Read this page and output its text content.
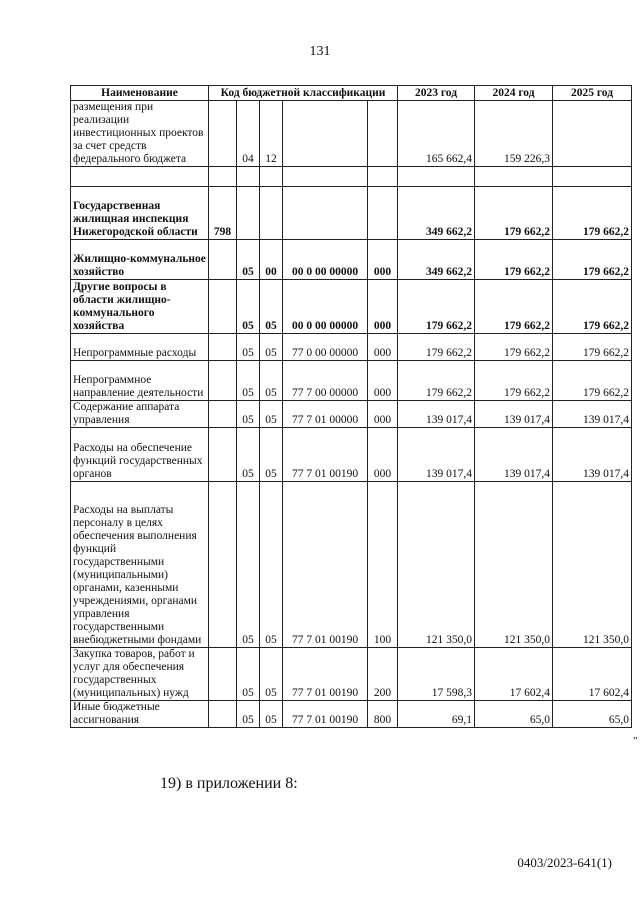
131
Наименование	Код бюджетной классификации					2023 год	2024 год	2025 год
размещения при реализации инвестиционных проектов за счет средств федерального бюджета		04	12			165 662,4	159 226,3	

Государственная жилищная инспекция Нижегородской области	798					349 662,2	179 662,2	179 662,2
Жилищно-коммунальное хозяйство		05	00	00 0 00 00000	000	349 662,2	179 662,2	179 662,2
Другие вопросы в области жилищно-коммунального хозяйства		05	05	00 0 00 00000	000	179 662,2	179 662,2	179 662,2
Непрограммные расходы		05	05	77 0 00 00000	000	179 662,2	179 662,2	179 662,2
Непрограммное направление деятельности		05	05	77 7 00 00000	000	179 662,2	179 662,2	179 662,2
Содержание аппарата управления		05	05	77 7 01 00000	000	139 017,4	139 017,4	139 017,4
Расходы на обеспечение функций государственных органов		05	05	77 7 01 00190	000	139 017,4	139 017,4	139 017,4
Расходы на выплаты персоналу в целях обеспечения выполнения функций государственными (муниципальными) органами, казенными учреждениями, органами управления государственными внебюджетными фондами		05	05	77 7 01 00190	100	121 350,0	121 350,0	121 350,0
Закупка товаров, работ и услуг для обеспечения государственных (муниципальных) нужд		05	05	77 7 01 00190	200	17 598,3	17 602,4	17 602,4
Иные бюджетные ассигнования		05	05	77 7 01 00190	800	69,1	65,0	65,0
"
19) в приложении 8:
0403/2023-641(1)
